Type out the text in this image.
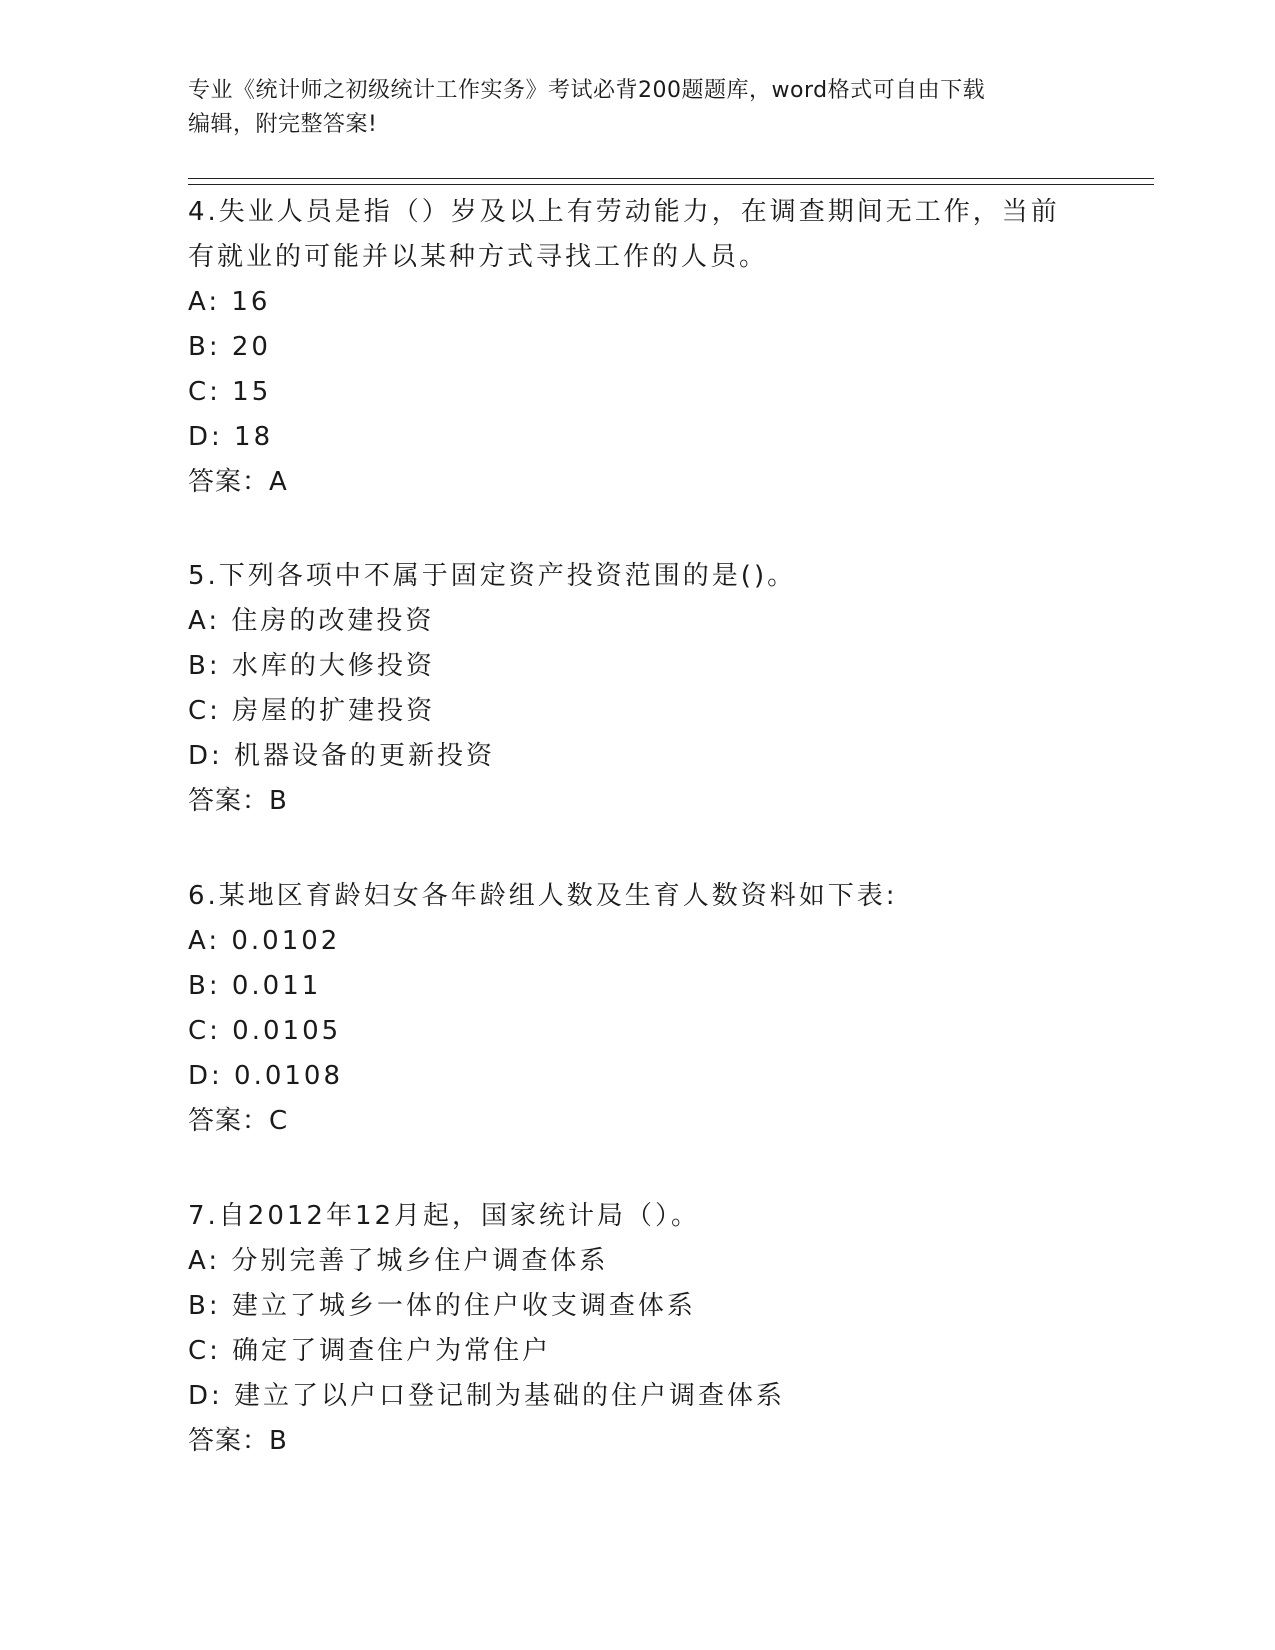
专业《统计师之初级统计工作实务》考试必背200题题库，word格式可自由下载
编辑，附完整答案!
4.失业人员是指（）岁及以上有劳动能力，在调查期间无工作，当前
有就业的可能并以某种方式寻找工作的人员。
A: 16
B: 20
C: 15
D: 18
答案：A
5.下列各项中不属于固定资产投资范围的是()。
A: 住房的改建投资
B: 水库的大修投资
C: 房屋的扩建投资
D: 机器设备的更新投资
答案：B
6.某地区育龄妇女各年龄组人数及生育人数资料如下表:
A: 0.0102
B: 0.011
C: 0.0105
D: 0.0108
答案：C
7.自2012年12月起，国家统计局（）。
A: 分别完善了城乡住户调查体系
B: 建立了城乡一体的住户收支调查体系
C: 确定了调查住户为常住户
D: 建立了以户口登记制为基础的住户调查体系
答案：B
